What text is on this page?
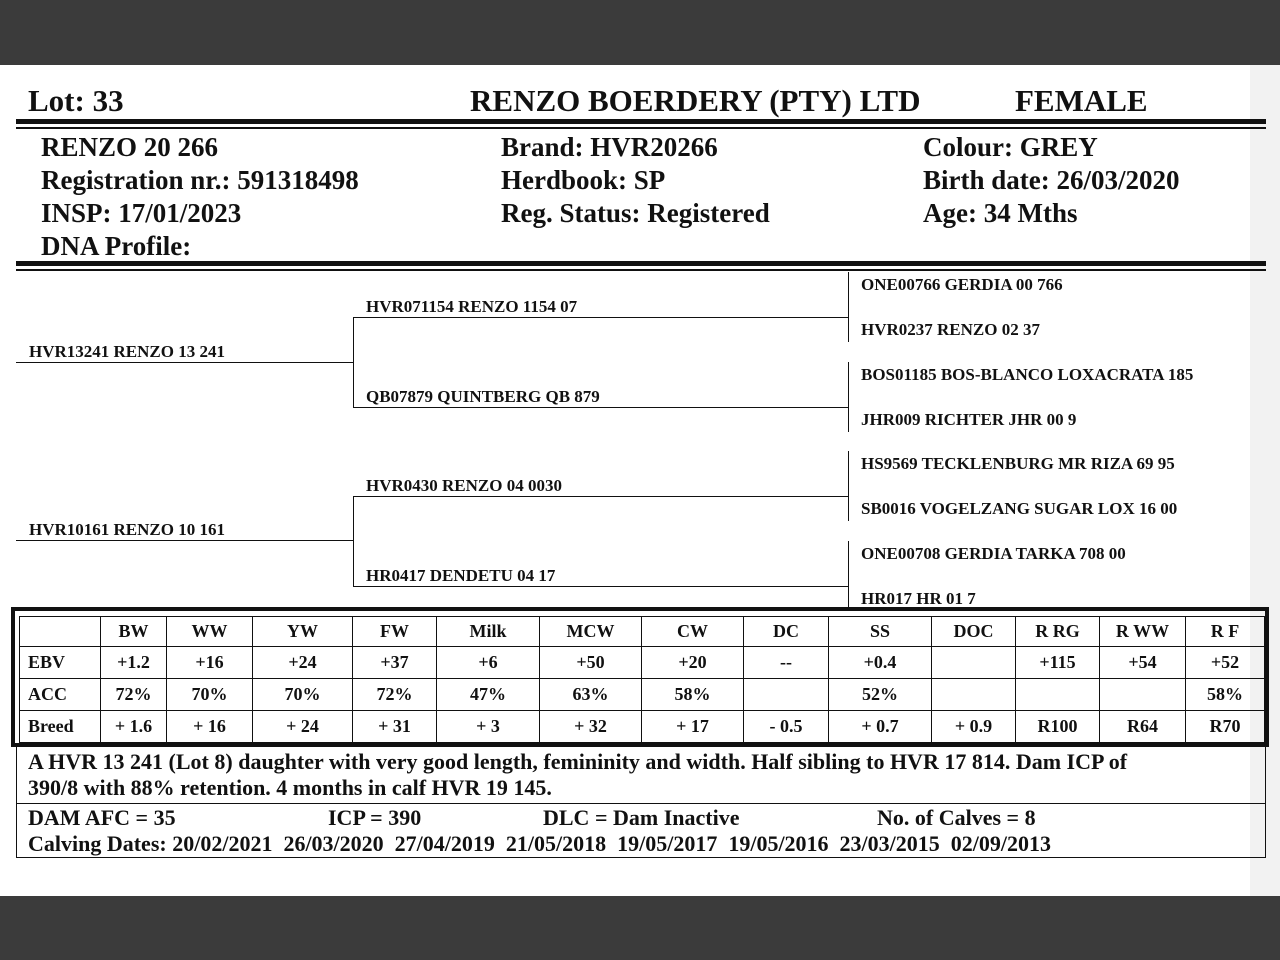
Lot: 33	RENZO BOERDERY (PTY) LTD	FEMALE
RENZO 20 266
Registration nr.: 591318498
INSP: 17/01/2023
DNA Profile:
Brand: HVR20266
Herdbook: SP
Reg. Status: Registered
Colour: GREY
Birth date: 26/03/2020
Age: 34 Mths
HVR13241 RENZO 13 241
HVR10161 RENZO 10 161
HVR071154 RENZO 1154 07
QB07879 QUINTBERG QB 879
HVR0430 RENZO 04 0030
HR0417 DENDETU 04 17
ONE00766 GERDIA 00 766
HVR0237 RENZO 02 37
BOS01185 BOS-BLANCO LOXACRATA 185
JHR009 RICHTER JHR 00 9
HS9569 TECKLENBURG MR RIZA 69 95
SB0016 VOGELZANG SUGAR LOX 16 00
ONE00708 GERDIA TARKA 708 00
HR017 HR 01 7
	BW	WW	YW	FW	Milk	MCW	CW	DC	SS	DOC	R RG	R WW	R F
EBV	+1.2	+16	+24	+37	+6	+50	+20	--	+0.4		+115	+54	+52
ACC	72%	70%	70%	72%	47%	63%	58%		52%				58%
Breed	+ 1.6	+ 16	+ 24	+ 31	+ 3	+ 32	+ 17	- 0.5	+ 0.7	+ 0.9	R100	R64	R70
A HVR 13 241 (Lot 8) daughter with very good length, femininity and width. Half sibling to HVR 17 814. Dam ICP of
390/8 with 88% retention. 4 months in calf HVR 19 145.
DAM AFC = 35	ICP = 390	DLC = Dam Inactive	No. of Calves = 8
Calving Dates: 20/02/2021  26/03/2020  27/04/2019  21/05/2018  19/05/2017  19/05/2016  23/03/2015  02/09/2013
